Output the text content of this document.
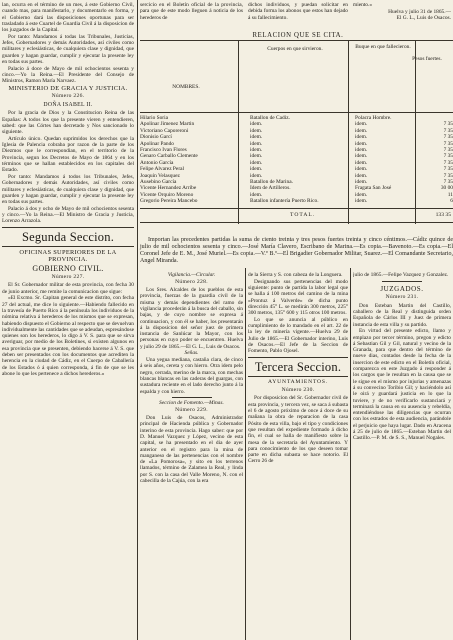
lan, ocurra en el término de un mes, á este Gobierno Civil, cuando mas, para manifestarlo, y documentarlo en forma, y el Gobierno dará las disposiciones oportunas para ser trasladado á este Cuartel de Guardia Civil á la disposicion de los juzgados de la Capital.

Por tanto: Mandamos á todas las Tribunales, Justicias, Jefes, Gobernadores y demás Autoridades, así civiles como militares y eclesiásticas, de cualquiera clase y dignidad, que guarden y hagan guardar, cumplir y ejecutar la presente ley en todas sus partes.

Palacio á doce de Mayo de mil ochocientos sesenta y cinco.—Yo la Reina.—El Presidente del Consejo de Ministros, Ramon María Narvaez.

MINISTERIO DE GRACIA Y JUSTICIA.

Número 226.

DOÑA ISABEL II.

Por la gracia de Dios y la Constitucion Reina de las Españas: A todos los que la presente vieren y entendieren, sabed: que las Córtes han decretado y Nos sancionado lo siguiente.

Artículo único. Quedan suprimidos los derechos que la Iglesia de Palencia cobraba por razon de la parte de los Diezmos que le correspondian, en el territorio de la Provincia, segun los Decretos de Mayo de 1864 y en los términos que se hallan establecidos en los capitales del Estado.

Por tanto: Mandamos á todos los Tribunales, Jefes, Gobernadores y demás Autoridades, así civiles como militares y eclesiásticas, de cualquiera clase y dignidad, que guarden y hagan guardar, cumplir y ejecutar la presente ley en todas sus partes.

Palacio á dos y ocho de Mayo de mil ochocientos sesenta y cinco.—Yo la Reina.—El Ministro de Gracia y Justicia, Lorenzo Arrazola.

Segunda Seccion.

OFICINAS SUPERIORES DE LA PROVINCIA.

GOBIERNO CIVIL.

Número 227.

El Sr. Gobernador militar de esta provincia, con fecha 30 de junio anterior, me remite la comunicacion que sigue:

«El Excmo. Sr. Capitan general de este distrito, con fecha 27 del actual, me dice lo siguiente.—Habiendo fallecido en la travesía de Puerto Rico á la península los individuos de la nómina relativa á herederos de los mismos que se expresan, habiendo dispuesto el Gobierno al respecto que se devuelvan individualmente las cantidades que se adeudan, espresándose quienes son los herederos, lo digo á V. S. para que se sirva averiguar, por medio de los Boletines, si existen algunos en esa provincia que se presenten, debiendo hacerse á V. S. que deben ser presentados con los documentos que acrediten la herencia en la ciudad de Cádiz, en el Cuerpo de Caballería de los Estados ó á quien corresponda, á fin de que se les abone lo que les pertenece a dichos herederos.»

sercicio en el Boletín oficial de la provincia, para que de este modo lleguen á noticia de los herederos de

dichos individuos, y puedan solicitar en debida forma los abonos que estos han dejado á su fallecimiento.

miento.»

Huelva y julio 31 de 1865.—

El G. L., Luis de Osacos.

RELACION QUE SE CITA.
NOMBRES.
Cuerpos en que sirvieron.	Buque en que fallecieron.
Pesos fuertes.
Hilario Soria
Apolinar Jimenez Martin
Victoriano Caporeroni
Dionisio Garcí
Apolinar Pando
Francisco Ivan Flores
Genaro Carballo Clemente
Antonio García
Felipe Alvarez Peral
Joaquin Velasquez
Ausebino García
Vicente Hernandez Arribe
Vicente Orquiro Moreno
Gregorio Pereira Mancebo
Batallon de Cadiz.
idem.
idem.
idem.
idem.
idem.
idem.
idem.
idem.
idem.
Batallon de Marina.
Idem de Artilleros.
idem.
Batallon infantería Puerto Rico.
Polacra Hombre.
idem.
idem.
idem.
idem.
idem.
idem.
idem.
idem.
idem.
idem.
Fragata San José
idem.
idem.
7 35
7 35
7 35
7 35
7 35
7 35
7 35
7 35
7 35
7 35
30 00
11
6
TOTAL.	133 35

Importan las precedentes partidas la suma de ciento treinta y tres pesos fuertes treinta y cinco céntimos.—Cádiz quince de julio de mil ochocientos sesenta y cinco.—José María Clavero, Escribano de Marina.—Es copia.—Bavenoto.—Es copia.—El Coronel Jefe de E. M., José Muriel.—Es copia.—V.º B.º—El Brigadier Gobernador Militar, Suarez.—El Comandante Secretario, Angel Miranda.

Vigilancia.—Circular.

Número 228.

Los Sres. Alcaldes de los pueblos de esta provincia, fuerzas de la guardia civil de la misma y demás dependientes del ramo de vigilancia procederán á la busca del caballo, sin bajas, y de cuyo nombre se expresa á continuacion, y con él se haber, los presentarán á la disposicion del señor juez de primera instancia de Sanlúcar la Mayor, con los personas en cuyo poder se encuentren. Huelva y julio 29 de 1865.—El G. L., Luis de Osacos.

Señas.

Una yegua mediana, castaña clara, de cinco á seis años, cereta y con hierro. Otra idem pelo negro, cerrada, merino de la marca, con mechas blancas blancas en las caderas del guargas, con sustadura reciente en el lado derecho junto á la espalda y con hierro.

Seccion de Fomento.—Minas.

Número 229.

Don Luis de Osacos, Administrador principal de Hacienda pública y Gobernador interino de esta provincia. Hago saber: que por D. Manuel Vazquez y López, vecino de esta capital, se ha presentado en el dia de ayer anterior en el registro para la mina de manganeso de las pertenencias con el nombre de «La Pomorosa», y sito en los terrenos llamados, término de Zalamea la Real, y linda por S. con la casa del Valle Moreno, N. con el cabecilla de la Cajúa, con la era

de la Sierra y S. con cabeza de la Longuera.

Designando sus pertenencias del modo siguiente: punto de partida la labor legal que se halla á 100 metros del camino de la mina «Prontuz á Valverde» de dicha punto dirección 45° L. se medirán 300 metros, 225° 300 metros, 135° 600 y 115 otros 100 metros.

Lo que se anuncia al público en cumplimiento de lo mandado en el art. 22 de la ley de minería vigente.—Huelva 29 de Julio de 1865.—El Gobernador interino, Luis de Osacos.—El Jefe de la Seccion de Fomento, Pablo Ojosel.

Tercera Seccion.

AYUNTAMIENTOS.

Número 230.

Por disposicion del Sr. Gobernador civil de esta provincia, y tercera vez, se saca á subasta el 6 de agosto próximo de once á doce de su mañana la obra de reparacion de la casa Pósito de esta villa, bajo el tipo y condiciones que resultan del expediente formado á dicho fin, el cual se halla de manifiesto sobre la mesa de la secretaría del Ayuntamiento. Y para conocimiento de los que deseen tomar parte en dicha subasta se hace notorio. El Cerro 26 de

julio de 1865.—Felipe Vazquez y Gonzalez.

JUZGADOS.

Número 231.

Don Esteban Martin del Castillo, caballero de la Real y distinguida orden Española de Cárlos III y Juez de primera instancia de esta villa y su partido.

En virtud del presente edicto, llamo y emplazo por tercer término, pregon y edicto á Sebastian Gil y Gil, natural y vecino de la Granada, para que dentro del término de nueve dias, contados desde la fecha de la insercion de este edicto en el Boletín oficial, comparezca en este Juzgado á responder á los cargos que le resultan en la causa que se le sigue en el mismo por injurias y amenazas á su convecino Toribio Gil; y haciéndolo así le oirá y guardará justicia en lo que la tuviere, y de no verificarlo sustanciará y terminará la causa en su ausencia y rebeldía, entendiéndose las diligencias que ocurran con los estrados de esta audiencia, parándole el perjuicio que haya lugar. Dado en Aracena á 25 de julio de 1865.—Esteban Martin del Castillo.—P. M. de S. S., Manuel Nogales.
